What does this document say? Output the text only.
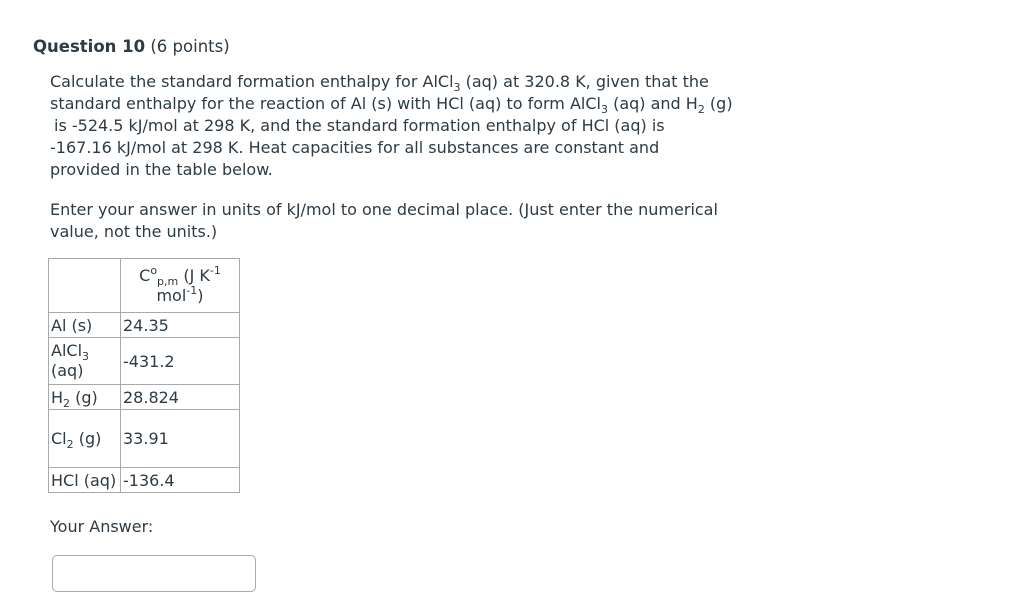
Question 10 (6 points)
Calculate the standard formation enthalpy for AlCl$_3$ (aq) at 320.8 K, given that the
standard enthalpy for the reaction of Al (s) with HCl (aq) to form AlCl$_3$ (aq) and $H_2$ (g)
is -524.5 kJ/mol at 298 K, and the standard formation enthalpy of HCl (aq) is
-167.16 kJ/mol at 298 K. Heat capacities for all substances are constant and
provided in the table below.
Enter your answer in units of kJ/mol to one decimal place. (Just enter the numerical
value, not the units.)

	$C^o_{p,m}$ (J $K^{-1}$
mol$^{-1}$)

Al (s)	24.35

AlCl$_3$
(aq)	-431.2
$H_2$ (g)	28.824
$Cl_2$ (g)	33.91
HCl (aq)	-136.4
Your Answer:
